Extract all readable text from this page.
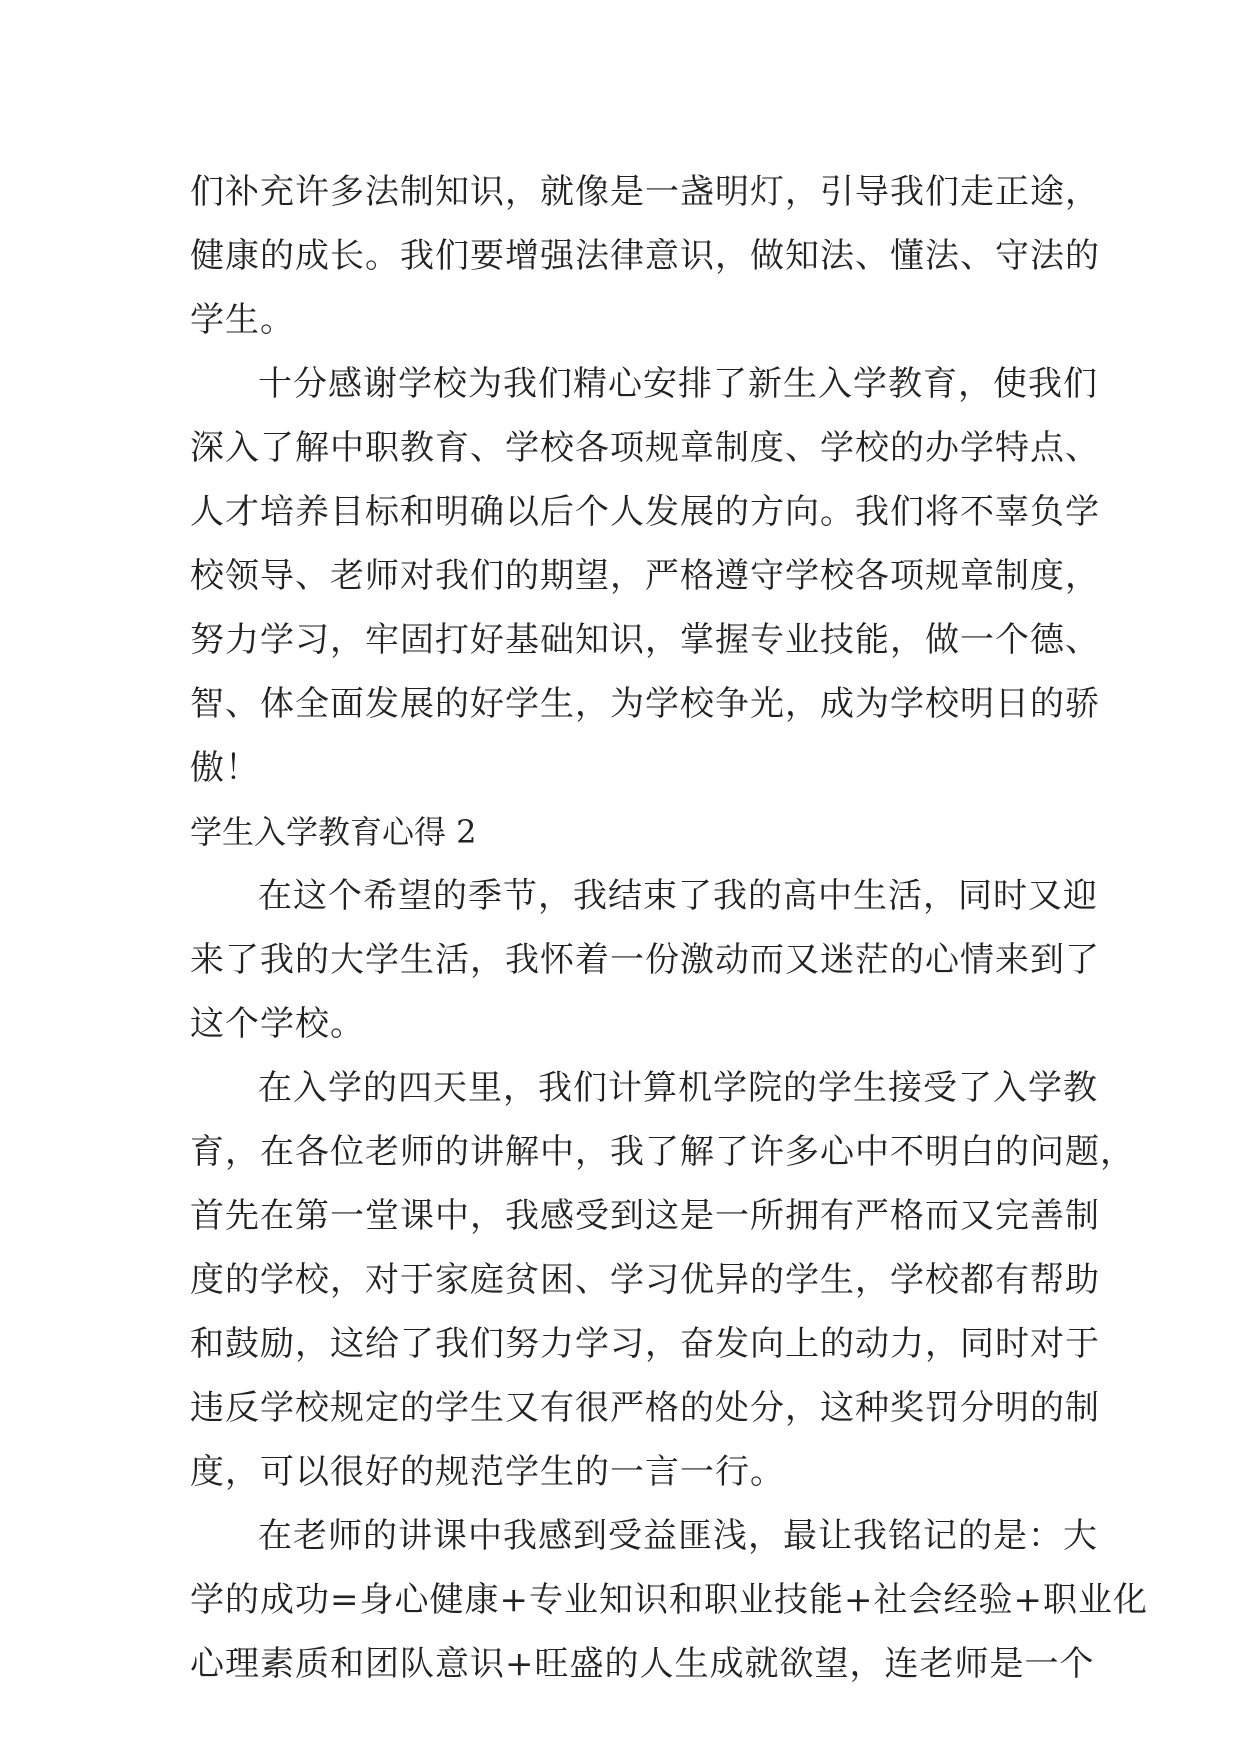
们补充许多法制知识，就像是一盏明灯，引导我们走正途，
健康的成长。我们要增强法律意识，做知法、懂法、守法的
学生。
十分感谢学校为我们精心安排了新生入学教育，使我们
深入了解中职教育、学校各项规章制度、学校的办学特点、
人才培养目标和明确以后个人发展的方向。我们将不辜负学
校领导、老师对我们的期望，严格遵守学校各项规章制度，
努力学习，牢固打好基础知识，掌握专业技能，做一个德、
智、体全面发展的好学生，为学校争光，成为学校明日的骄
傲！
学生入学教育心得 2
在这个希望的季节，我结束了我的高中生活，同时又迎
来了我的大学生活，我怀着一份激动而又迷茫的心情来到了
这个学校。
在入学的四天里，我们计算机学院的学生接受了入学教
育，在各位老师的讲解中，我了解了许多心中不明白的问题，
首先在第一堂课中，我感受到这是一所拥有严格而又完善制
度的学校，对于家庭贫困、学习优异的学生，学校都有帮助
和鼓励，这给了我们努力学习，奋发向上的动力，同时对于
违反学校规定的学生又有很严格的处分，这种奖罚分明的制
度，可以很好的规范学生的一言一行。
在老师的讲课中我感到受益匪浅，最让我铭记的是：大
学的成功=身心健康+专业知识和职业技能+社会经验+职业化
心理素质和团队意识+旺盛的人生成就欲望，连老师是一个
